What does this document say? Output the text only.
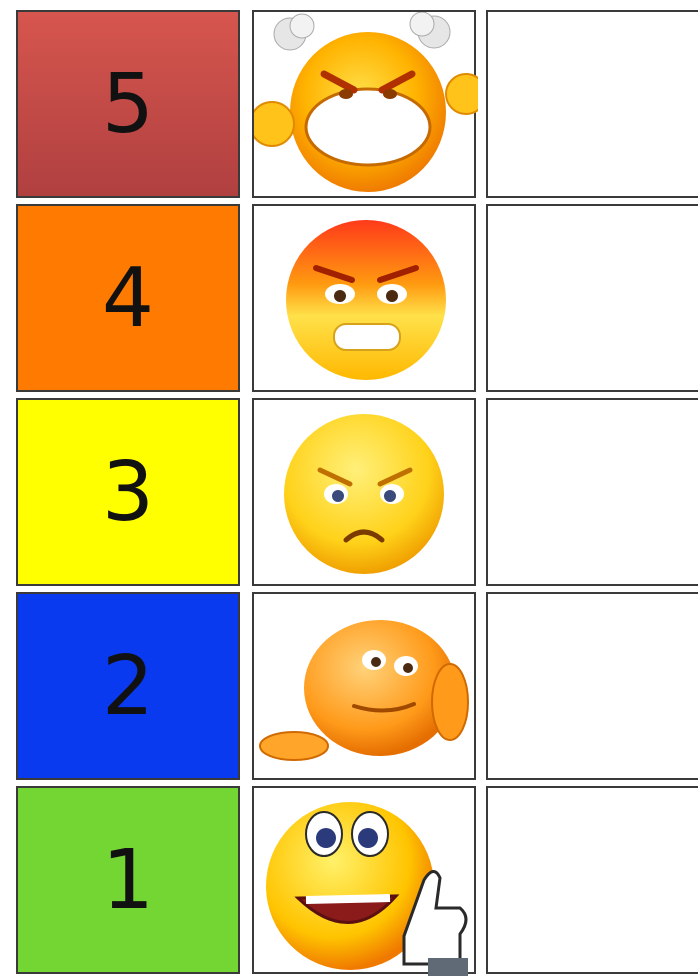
5
4
3
2
1
